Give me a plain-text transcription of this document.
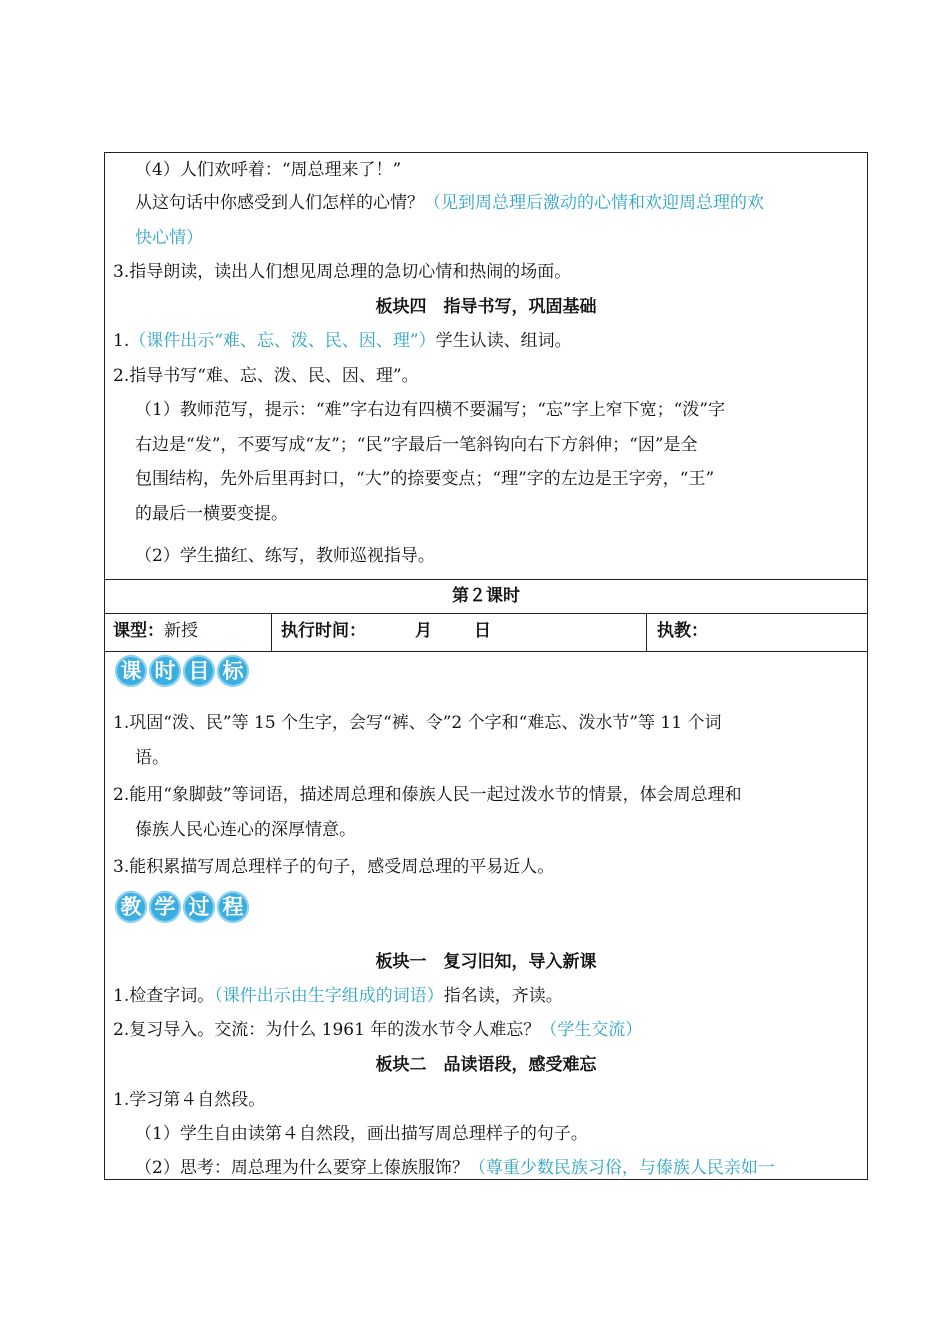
（4）人们欢呼着：“周总理来了！”
从这句话中你感受到人们怎样的心情？（见到周总理后激动的心情和欢迎周总理的欢
快心情）
3.指导朗读，读出人们想见周总理的急切心情和热闹的场面。
板块四　指导书写，巩固基础
1.（课件出示“难、忘、泼、民、因、理”）学生认读、组词。
2.指导书写“难、忘、泼、民、因、理”。
（1）教师范写，提示：“难”字右边有四横不要漏写；“忘”字上窄下宽；“泼”字
右边是“发”，不要写成“友”；“民”字最后一笔斜钩向右下方斜伸；“因”是全
包围结构，先外后里再封口，“大”的捺要变点；“理”字的左边是王字旁，“王”
的最后一横要变提。
（2）学生描红、练写，教师巡视指导。
第２课时
课型：新授	执行时间：	月 日	执教：
课 时 目 标
1.巩固“泼、民”等 15 个生字，会写“裤、令”2 个字和“难忘、泼水节”等 11 个词
语。
2.能用“象脚鼓”等词语，描述周总理和傣族人民一起过泼水节的情景，体会周总理和
傣族人民心连心的深厚情意。
3.能积累描写周总理样子的句子，感受周总理的平易近人。
教 学 过 程
板块一　复习旧知，导入新课
1.检查字词。（课件出示由生字组成的词语）指名读，齐读。
2.复习导入。交流：为什么 1961 年的泼水节令人难忘？（学生交流）
板块二　品读语段，感受难忘
1.学习第４自然段。
（1）学生自由读第４自然段，画出描写周总理样子的句子。
（2）思考：周总理为什么要穿上傣族服饰？（尊重少数民族习俗，与傣族人民亲如一
